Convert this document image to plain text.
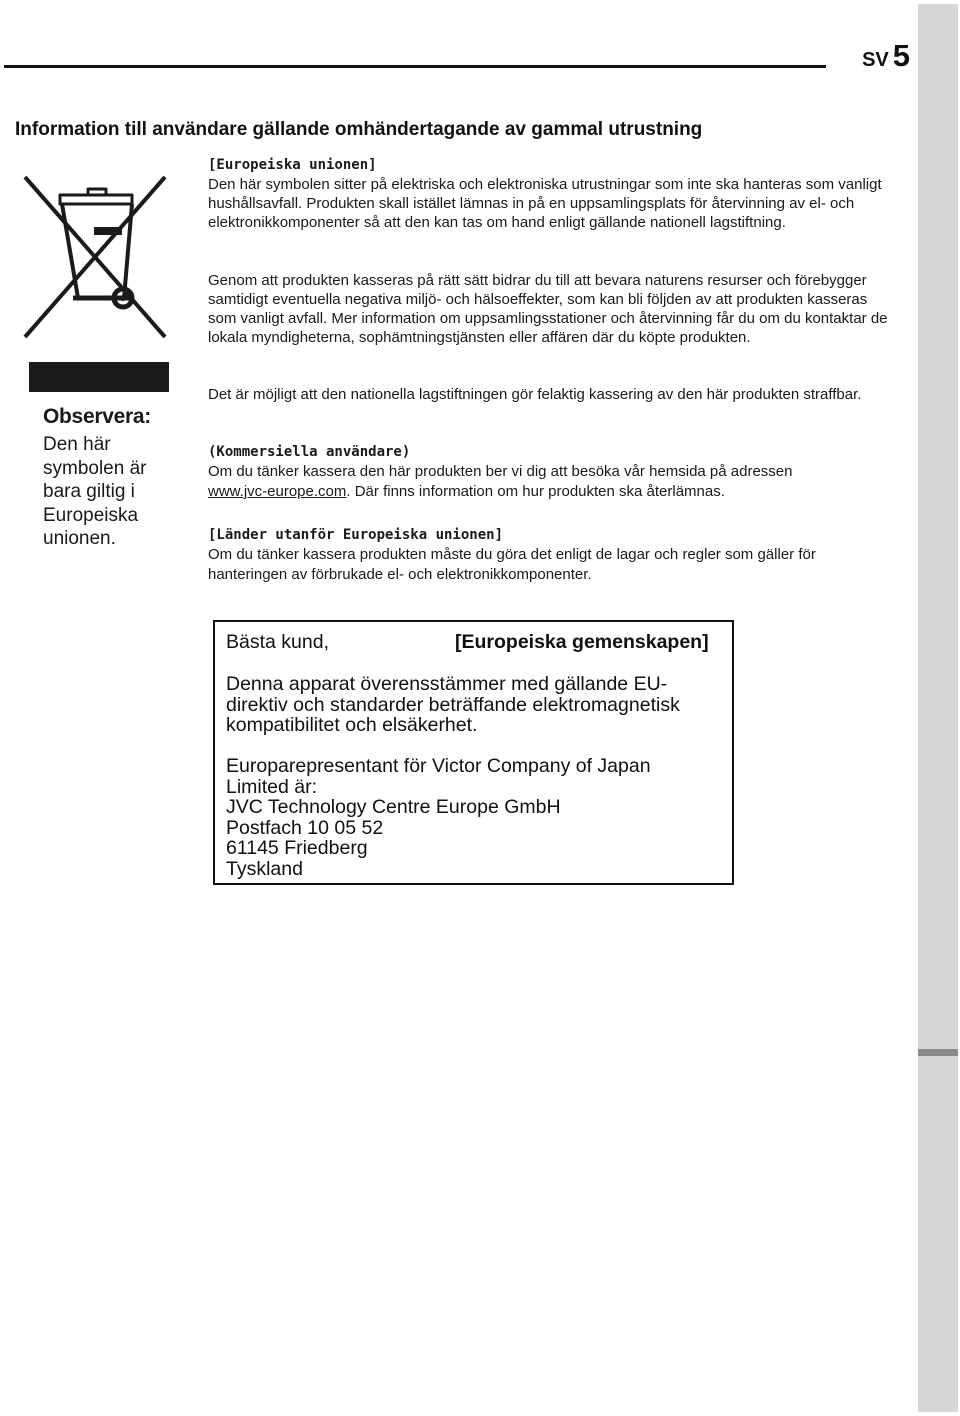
SV 5
Information till användare gällande omhändertagande av gammal utrustning
Observera:
Den här symbolen är bara giltig i Europeiska unionen.
[Europeiska unionen]

Den här symbolen sitter på elektriska och elektroniska utrustningar som inte ska hanteras som vanligt hushållsavfall. Produkten skall istället lämnas in på en uppsamlingsplats för återvinning av el- och elektronikkomponenter så att den kan tas om hand enligt gällande nationell lagstiftning.

Genom att produkten kasseras på rätt sätt bidrar du till att bevara naturens resurser och förebygger samtidigt eventuella negativa miljö- och hälsoeffekter, som kan bli följden av att produkten kasseras som vanligt avfall. Mer information om uppsamlingsstationer och återvinning får du om du kontaktar de lokala myndigheterna, sophämtningstjänsten eller affären där du köpte produkten.

Det är möjligt att den nationella lagstiftningen gör felaktig kassering av den här produkten straffbar.

(Kommersiella användare)

Om du tänker kassera den här produkten ber vi dig att besöka vår hemsida på adressen
www.jvc-europe.com. Där finns information om hur produkten ska återlämnas.

[Länder utanför Europeiska unionen]

Om du tänker kassera produkten måste du göra det enligt de lagar och regler som gäller för hanteringen av förbrukade el- och elektronikkomponenter.

Bästa kund,	[Europeiska gemenskapen]

Denna apparat överensstämmer med gällande EU-direktiv och standarder beträffande elektromagnetisk kompatibilitet och elsäkerhet.

Europarepresentant för Victor Company of Japan
Limited är:
JVC Technology Centre Europe GmbH
Postfach 10 05 52
61145 Friedberg
Tyskland
